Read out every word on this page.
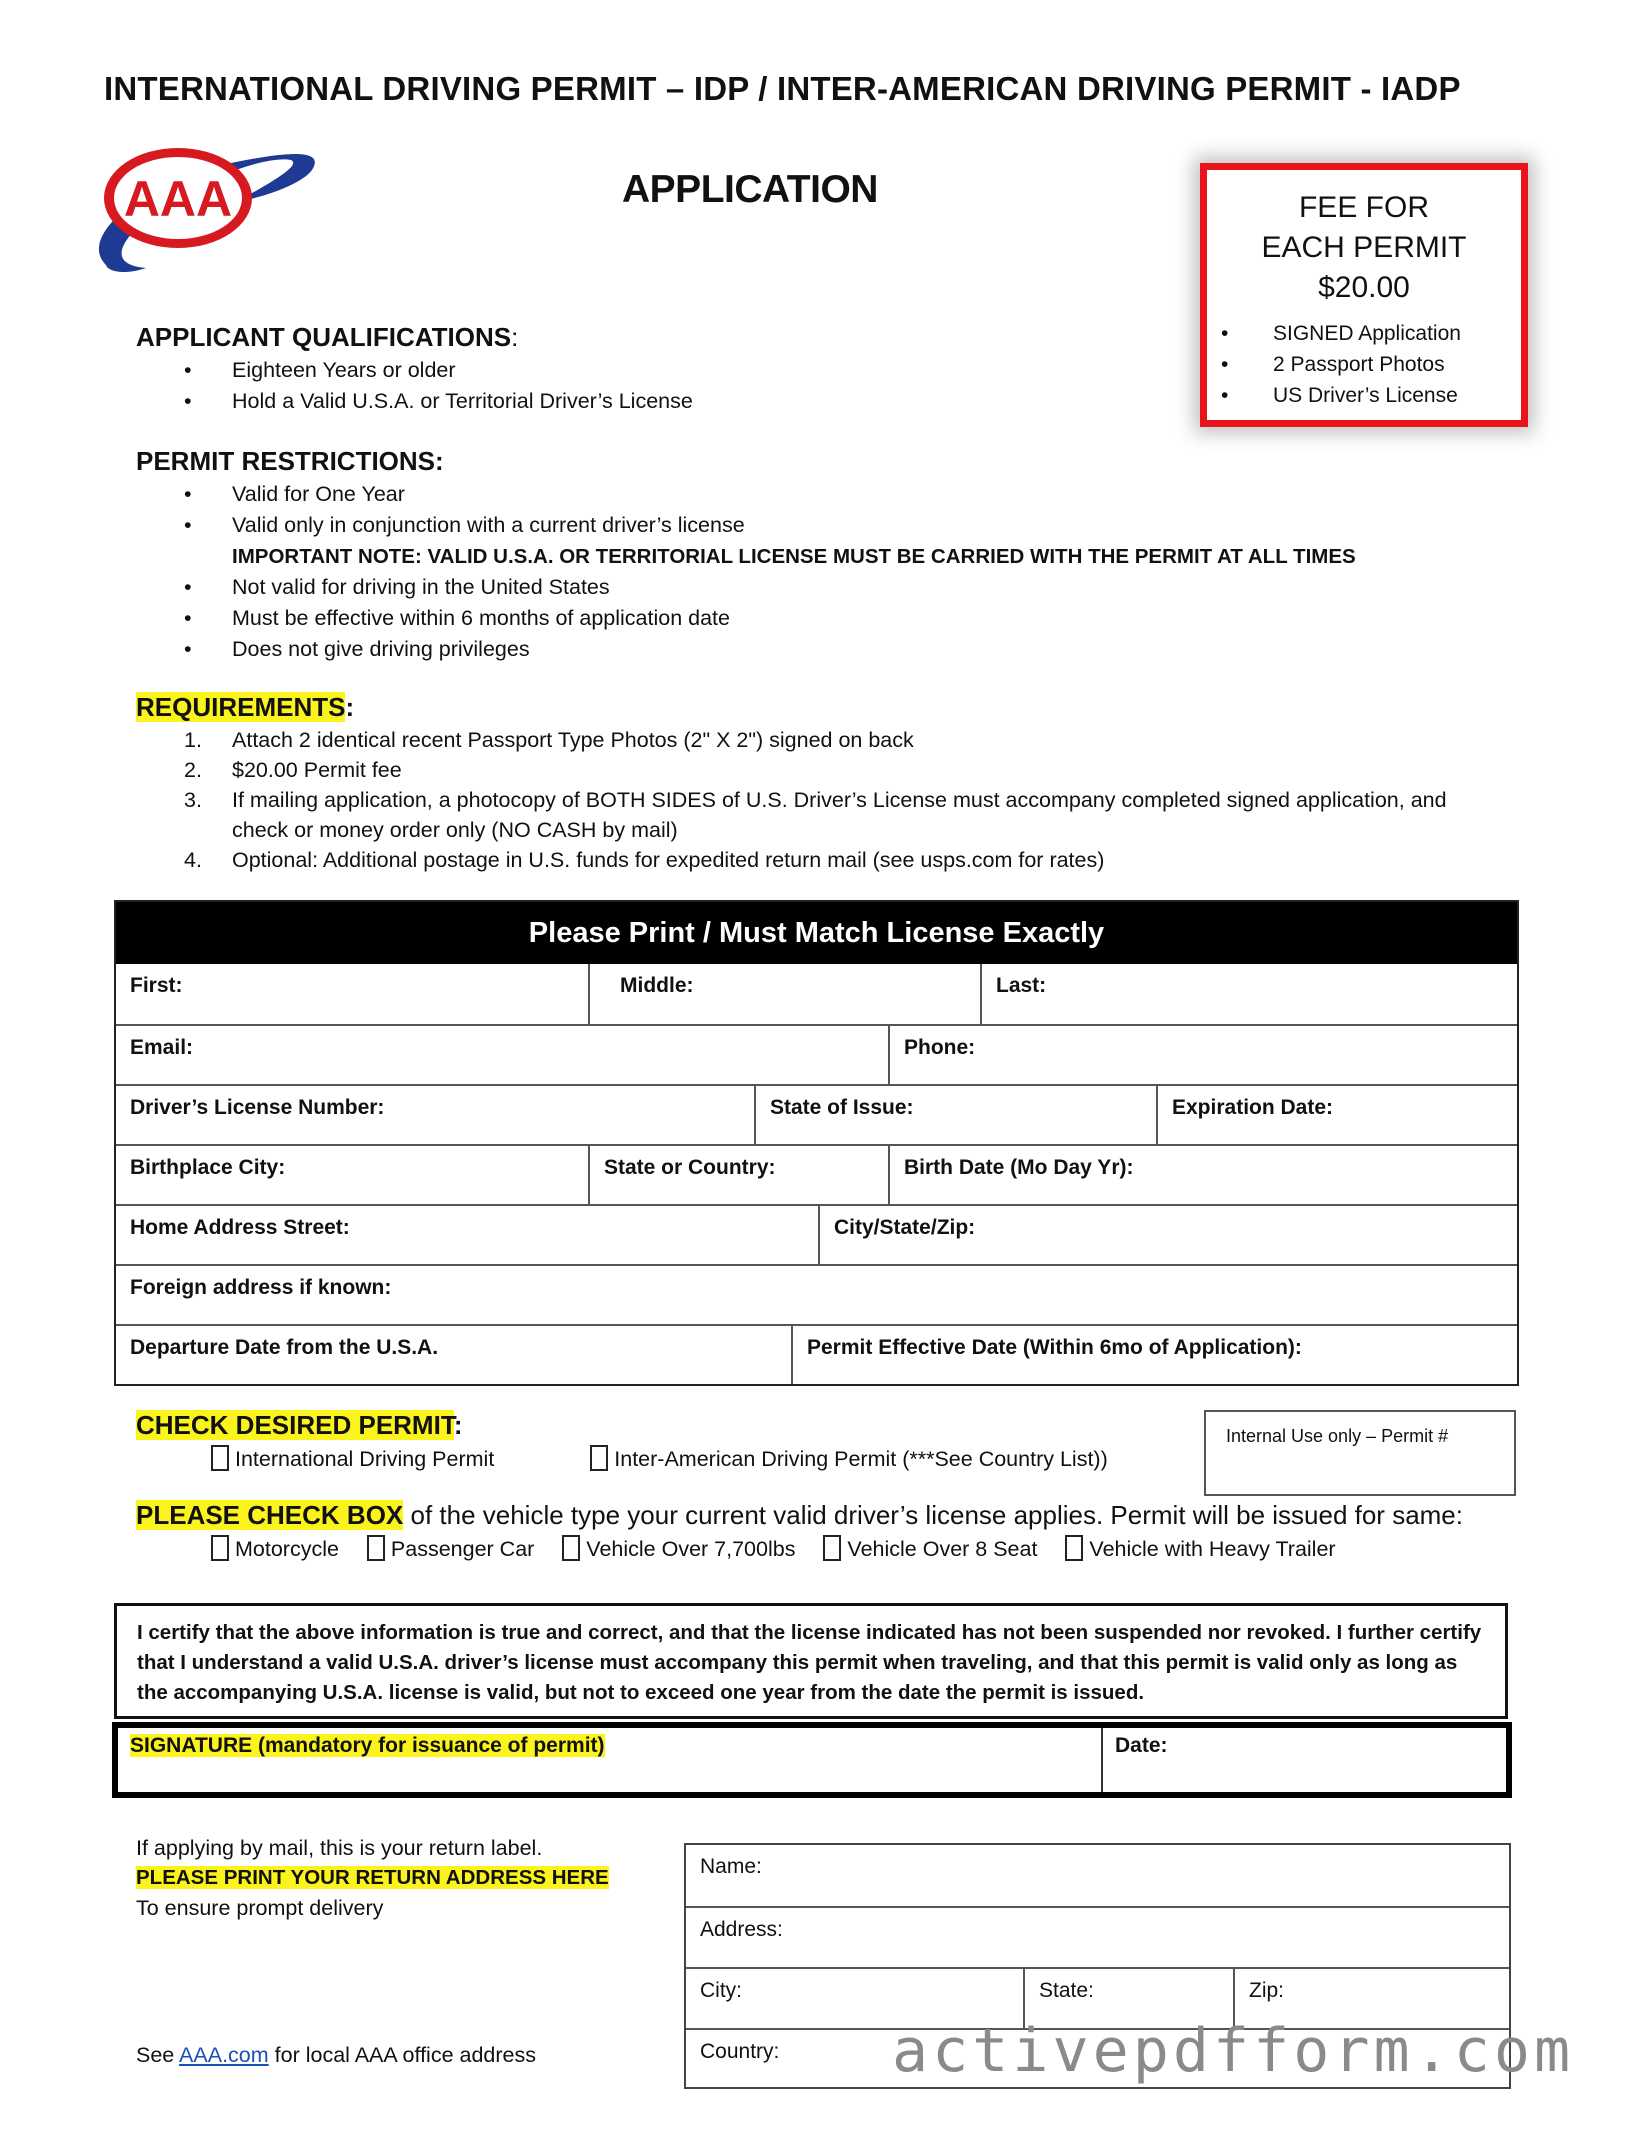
INTERNATIONAL DRIVING PERMIT – IDP / INTER-AMERICAN DRIVING PERMIT - IADP
AAA	APPLICATION	FEE FOR
EACH PERMIT
$20.00
• SIGNED Application
• 2 Passport Photos
• US Driver’s License
APPLICANT QUALIFICATIONS:
• Eighteen Years or older
• Hold a Valid U.S.A. or Territorial Driver’s License
PERMIT RESTRICTIONS:
• Valid for One Year
• Valid only in conjunction with a current driver’s license
IMPORTANT NOTE: VALID U.S.A. OR TERRITORIAL LICENSE MUST BE CARRIED WITH THE PERMIT AT ALL TIMES
• Not valid for driving in the United States
• Must be effective within 6 months of application date
• Does not give driving privileges
REQUIREMENTS:
1. Attach 2 identical recent Passport Type Photos (2" X 2") signed on back
2. $20.00 Permit fee
3. If mailing application, a photocopy of BOTH SIDES of U.S. Driver’s License must accompany completed signed application, and check or money order only (NO CASH by mail)
4. Optional: Additional postage in U.S. funds for expedited return mail (see usps.com for rates)
Please Print / Must Match License Exactly
First:	Middle:	Last:
Email:	Phone:
Driver’s License Number:	State of Issue:	Expiration Date:
Birthplace City:	State or Country:	Birth Date (Mo Day Yr):
Home Address Street:	City/State/Zip:
Foreign address if known:
Departure Date from the U.S.A.	Permit Effective Date (Within 6mo of Application):
CHECK DESIRED PERMIT:
International Driving Permit	Inter-American Driving Permit (***See Country List))
Internal Use only – Permit #
PLEASE CHECK BOX of the vehicle type your current valid driver’s license applies. Permit will be issued for same:
Motorcycle Passenger Car Vehicle Over 7,700lbs Vehicle Over 8 Seat Vehicle with Heavy Trailer
I certify that the above information is true and correct, and that the license indicated has not been suspended nor revoked. I further certify that I understand a valid U.S.A. driver’s license must accompany this permit when traveling, and that this permit is valid only as long as the accompanying U.S.A. license is valid, but not to exceed one year from the date the permit is issued.
SIGNATURE (mandatory for issuance of permit)	Date:
If applying by mail, this is your return label.
PLEASE PRINT YOUR RETURN ADDRESS HERE
To ensure prompt delivery
Name:
Address:
City:	State:	Zip:
Country:
See AAA.com for local AAA office address	activepdfform.com
